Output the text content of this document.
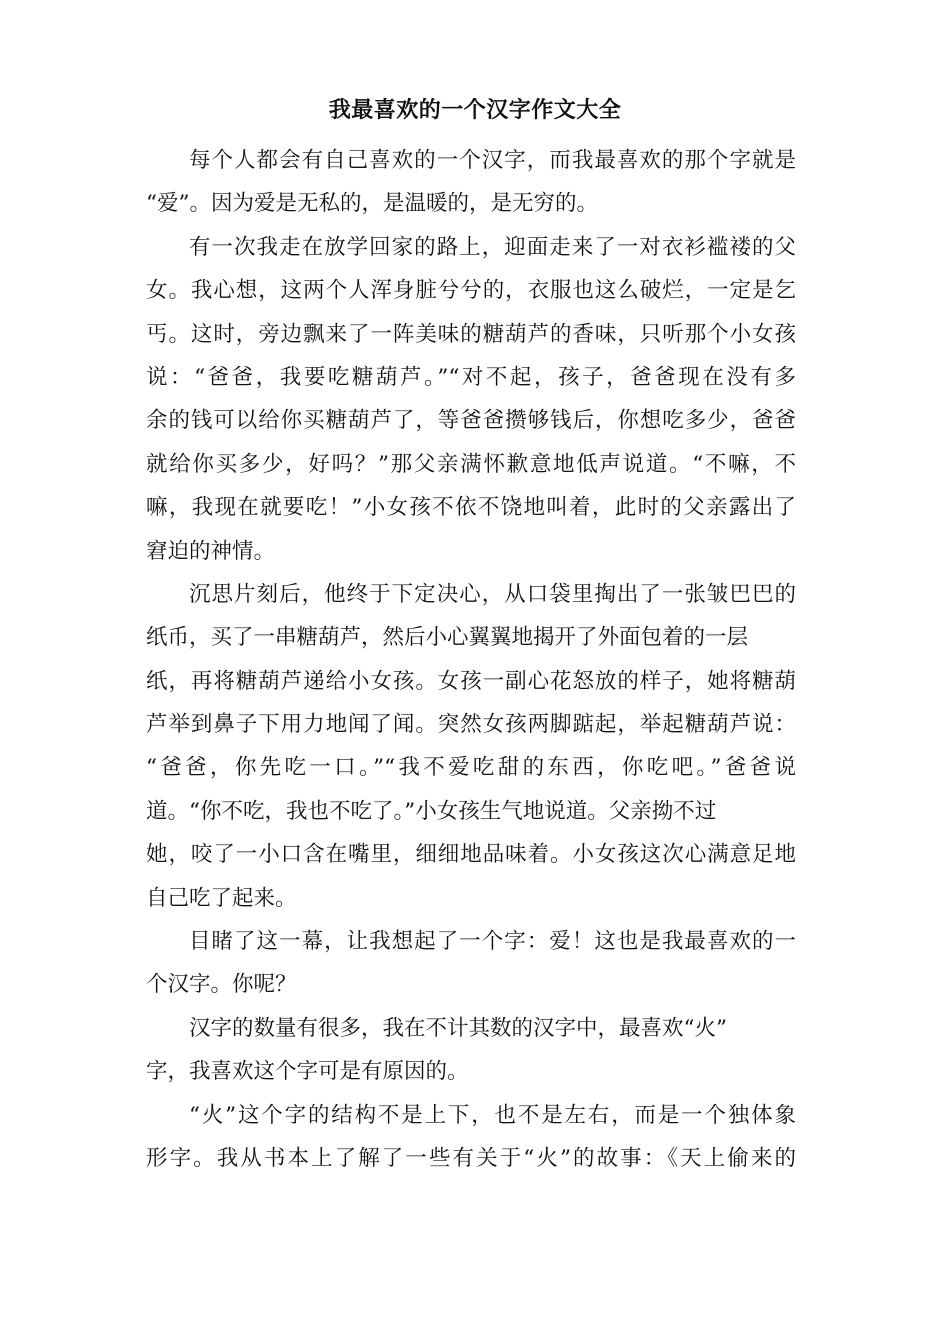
我最喜欢的一个汉字作文大全
每个人都会有自己喜欢的一个汉字，而我最喜欢的那个字就是
“爱”。因为爱是无私的，是温暖的，是无穷的。
有一次我走在放学回家的路上，迎面走来了一对衣衫褴褛的父
女。我心想，这两个人浑身脏兮兮的，衣服也这么破烂，一定是乞
丐。这时，旁边飘来了一阵美味的糖葫芦的香味，只听那个小女孩
说：“爸爸，我要吃糖葫芦。”“对不起，孩子，爸爸现在没有多
余的钱可以给你买糖葫芦了，等爸爸攒够钱后，你想吃多少，爸爸
就给你买多少，好吗？”那父亲满怀歉意地低声说道。“不嘛，不
嘛，我现在就要吃！”小女孩不依不饶地叫着，此时的父亲露出了
窘迫的神情。
沉思片刻后，他终于下定决心，从口袋里掏出了一张皱巴巴的
纸币，买了一串糖葫芦，然后小心翼翼地揭开了外面包着的一层
纸，再将糖葫芦递给小女孩。女孩一副心花怒放的样子，她将糖葫
芦举到鼻子下用力地闻了闻。突然女孩两脚踮起，举起糖葫芦说：
“爸爸，你先吃一口。”“我不爱吃甜的东西，你吃吧。”爸爸说
道。“你不吃，我也不吃了。”小女孩生气地说道。父亲拗不过
她，咬了一小口含在嘴里，细细地品味着。小女孩这次心满意足地
自己吃了起来。
目睹了这一幕，让我想起了一个字：爱！这也是我最喜欢的一
个汉字。你呢？
汉字的数量有很多，我在不计其数的汉字中，最喜欢“火”
字，我喜欢这个字可是有原因的。
“火”这个字的结构不是上下，也不是左右，而是一个独体象
形字。我从书本上了解了一些有关于“火”的故事：《天上偷来的
